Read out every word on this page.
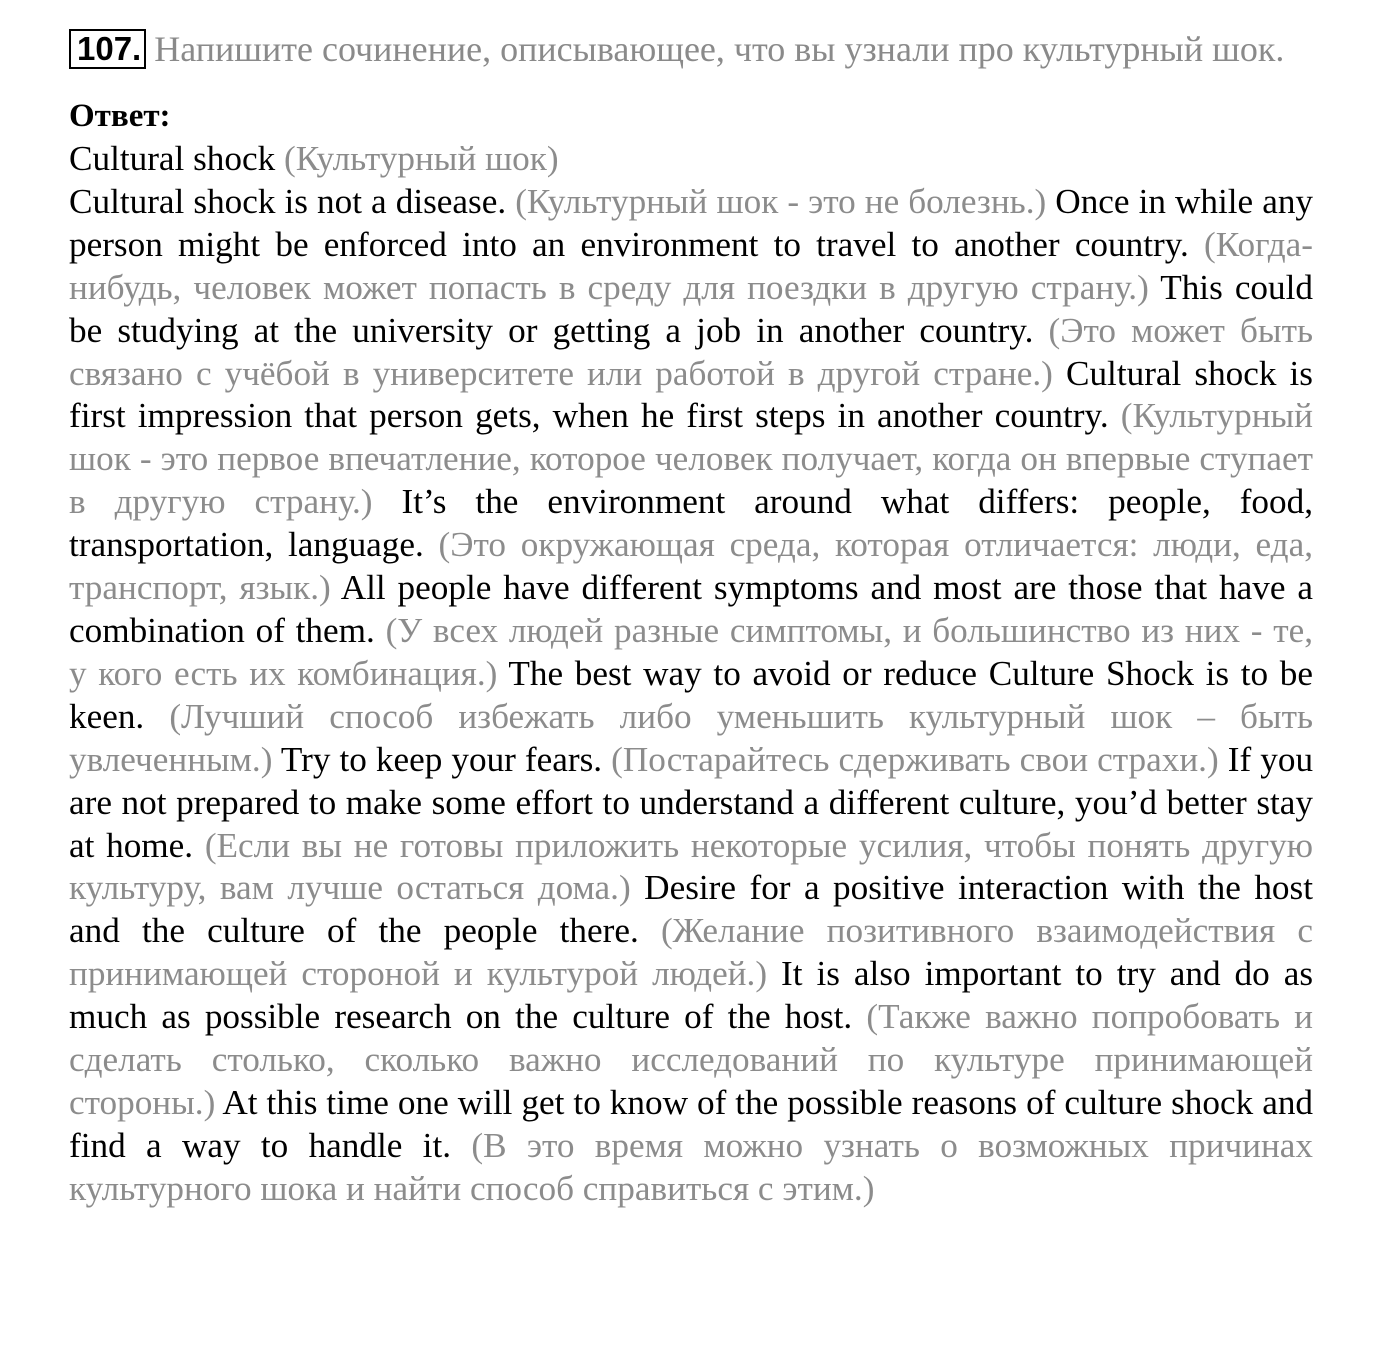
107. Напишите сочинение, описывающее, что вы узнали про культурный шок.

Ответ:

Cultural shock (Культурный шок)

Cultural shock is not a disease. (Культурный шок - это не болезнь.) Once in while any person might be enforced into an environment to travel to another country. (Когда-нибудь, человек может попасть в среду для поездки в другую страну.) This could be studying at the university or getting a job in another country. (Это может быть связано с учёбой в университете или работой в другой стране.) Cultural shock is first impression that person gets, when he first steps in another country. (Культурный шок - это первое впечатление, которое человек получает, когда он впервые ступает в другую страну.) It’s the environment around what differs: people, food, transportation, language. (Это окружающая среда, которая отличается: люди, еда, транспорт, язык.) All people have different symptoms and most are those that have a combination of them. (У всех людей разные симптомы, и большинство из них - те, у кого есть их комбинация.) The best way to avoid or reduce Culture Shock is to be keen. (Лучший способ избежать либо уменьшить культурный шок – быть увлеченным.) Try to keep your fears. (Постарайтесь сдерживать свои страхи.) If you are not prepared to make some effort to understand a different culture, you’d better stay at home. (Если вы не готовы приложить некоторые усилия, чтобы понять другую культуру, вам лучше остаться дома.) Desire for a positive interaction with the host and the culture of the people there. (Желание позитивного взаимодействия с принимающей стороной и культурой людей.) It is also important to try and do as much as possible research on the culture of the host. (Также важно попробовать и сделать столько, сколько важно исследований по культуре принимающей стороны.) At this time one will get to know of the possible reasons of culture shock and find a way to handle it. (В это время можно узнать о возможных причинах культурного шока и найти способ справиться с этим.)
